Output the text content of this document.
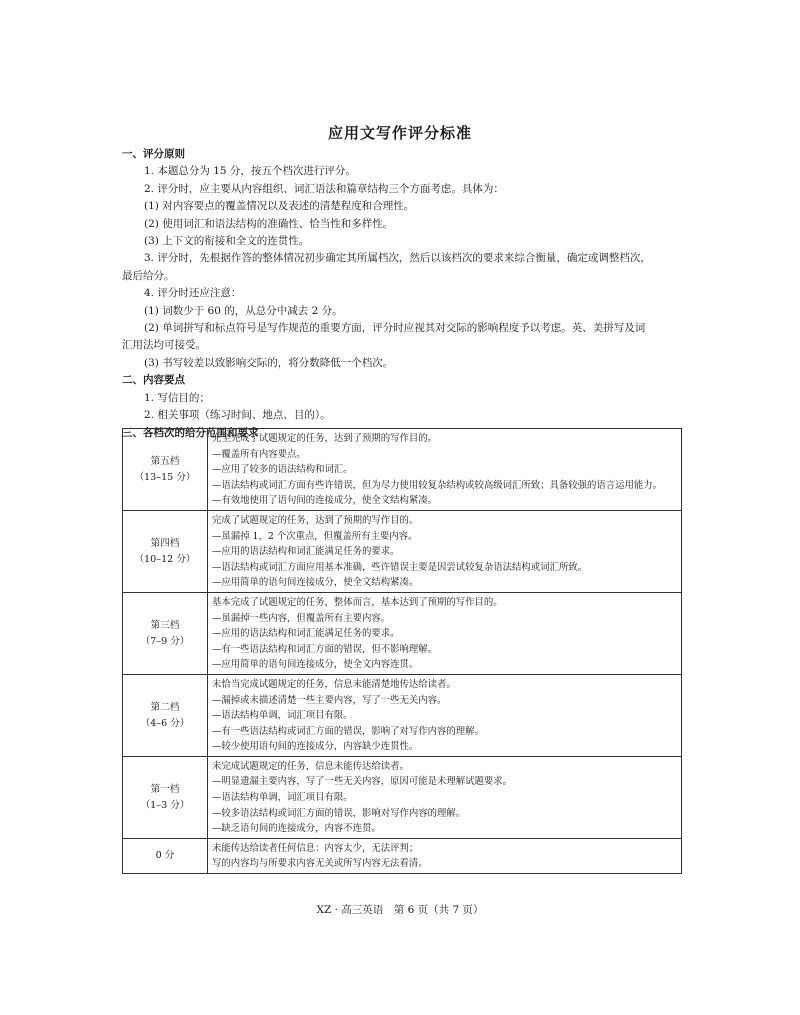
应用文写作评分标准
一、评分原则
1. 本题总分为 15 分，按五个档次进行评分。
2. 评分时，应主要从内容组织、词汇语法和篇章结构三个方面考虑。具体为：
(1) 对内容要点的覆盖情况以及表述的清楚程度和合理性。
(2) 使用词汇和语法结构的准确性、恰当性和多样性。
(3) 上下文的衔接和全文的连贯性。
3. 评分时，先根据作答的整体情况初步确定其所属档次，然后以该档次的要求来综合衡量，确定或调整档次，
最后给分。
4. 评分时还应注意：
(1) 词数少于 60 的，从总分中减去 2 分。
(2) 单词拼写和标点符号是写作规范的重要方面，评分时应视其对交际的影响程度予以考虑。英、美拼写及词
汇用法均可接受。
(3) 书写较差以致影响交际的，将分数降低一个档次。
二、内容要点
1. 写信目的；
2. 相关事项（练习时间、地点、目的）。
三、各档次的给分范围和要求
第五档
（13–15 分）	完全完成了试题规定的任务，达到了预期的写作目的。
—覆盖所有内容要点。
—应用了较多的语法结构和词汇。
—语法结构或词汇方面有些许错误，但为尽力使用较复杂结构或较高级词汇所致；具备较强的语言运用能力。
—有效地使用了语句间的连接成分，使全文结构紧凑。

第四档
（10–12 分）	完成了试题规定的任务，达到了预期的写作目的。
—虽漏掉 1，2 个次重点，但覆盖所有主要内容。
—应用的语法结构和词汇能满足任务的要求。
—语法结构或词汇方面应用基本准确，些许错误主要是因尝试较复杂语法结构或词汇所致。
—应用简单的语句间连接成分，使全文结构紧凑。

第三档
（7–9 分）	基本完成了试题规定的任务，整体而言，基本达到了预期的写作目的。
—虽漏掉一些内容，但覆盖所有主要内容。
—应用的语法结构和词汇能满足任务的要求。
—有一些语法结构和词汇方面的错误，但不影响理解。
—应用简单的语句间连接成分，使全文内容连贯。

第二档
（4–6 分）	未恰当完成试题规定的任务，信息未能清楚地传达给读者。
—漏掉或未描述清楚一些主要内容，写了一些无关内容。
—语法结构单调，词汇项目有限。
—有一些语法结构或词汇方面的错误，影响了对写作内容的理解。
—较少使用语句间的连接成分，内容缺少连贯性。

第一档
（1–3 分）	未完成试题规定的任务，信息未能传达给读者。
—明显遗漏主要内容，写了一些无关内容，原因可能是未理解试题要求。
—语法结构单调，词汇项目有限。
—较多语法结构或词汇方面的错误，影响对写作内容的理解。
—缺乏语句间的连接成分，内容不连贯。

0 分	未能传达给读者任何信息：内容太少，无法评判；
写的内容均与所要求内容无关或所写内容无法看清。
XZ · 高三英语　第 6 页（共 7 页）
